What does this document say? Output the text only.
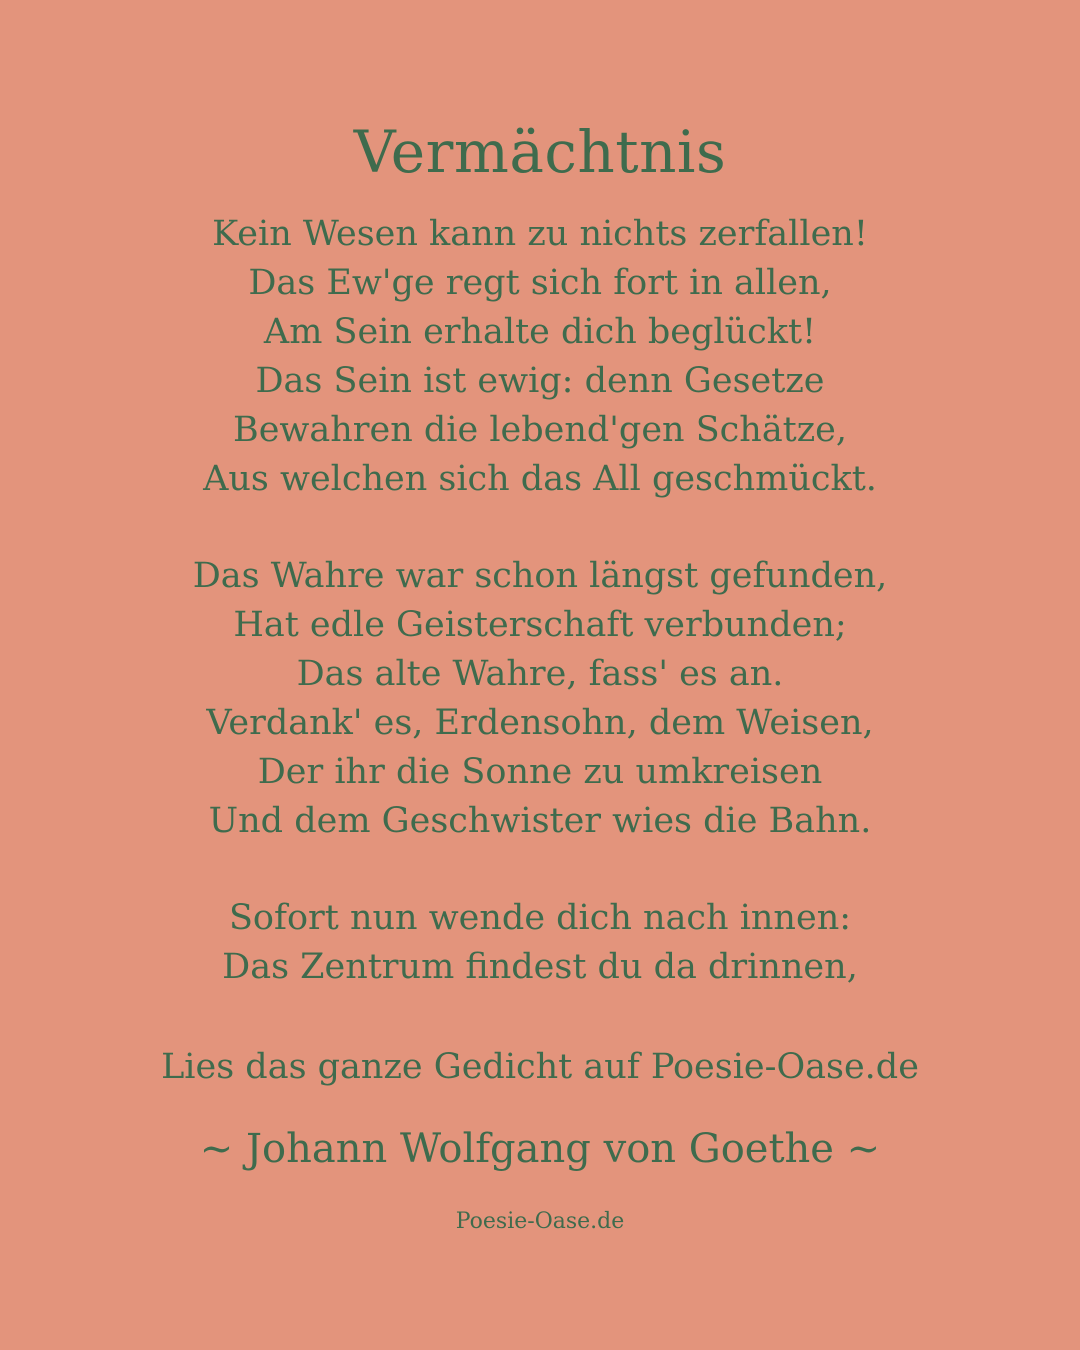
Vermächtnis
Kein Wesen kann zu nichts zerfallen!
Das Ew'ge regt sich fort in allen,
Am Sein erhalte dich beglückt!
Das Sein ist ewig: denn Gesetze
Bewahren die lebend'gen Schätze,
Aus welchen sich das All geschmückt.
Das Wahre war schon längst gefunden,
Hat edle Geisterschaft verbunden;
Das alte Wahre, fass' es an.
Verdank' es, Erdensohn, dem Weisen,
Der ihr die Sonne zu umkreisen
Und dem Geschwister wies die Bahn.
Sofort nun wende dich nach innen:
Das Zentrum findest du da drinnen,
Lies das ganze Gedicht auf Poesie-Oase.de
~ Johann Wolfgang von Goethe ~
Poesie-Oase.de
